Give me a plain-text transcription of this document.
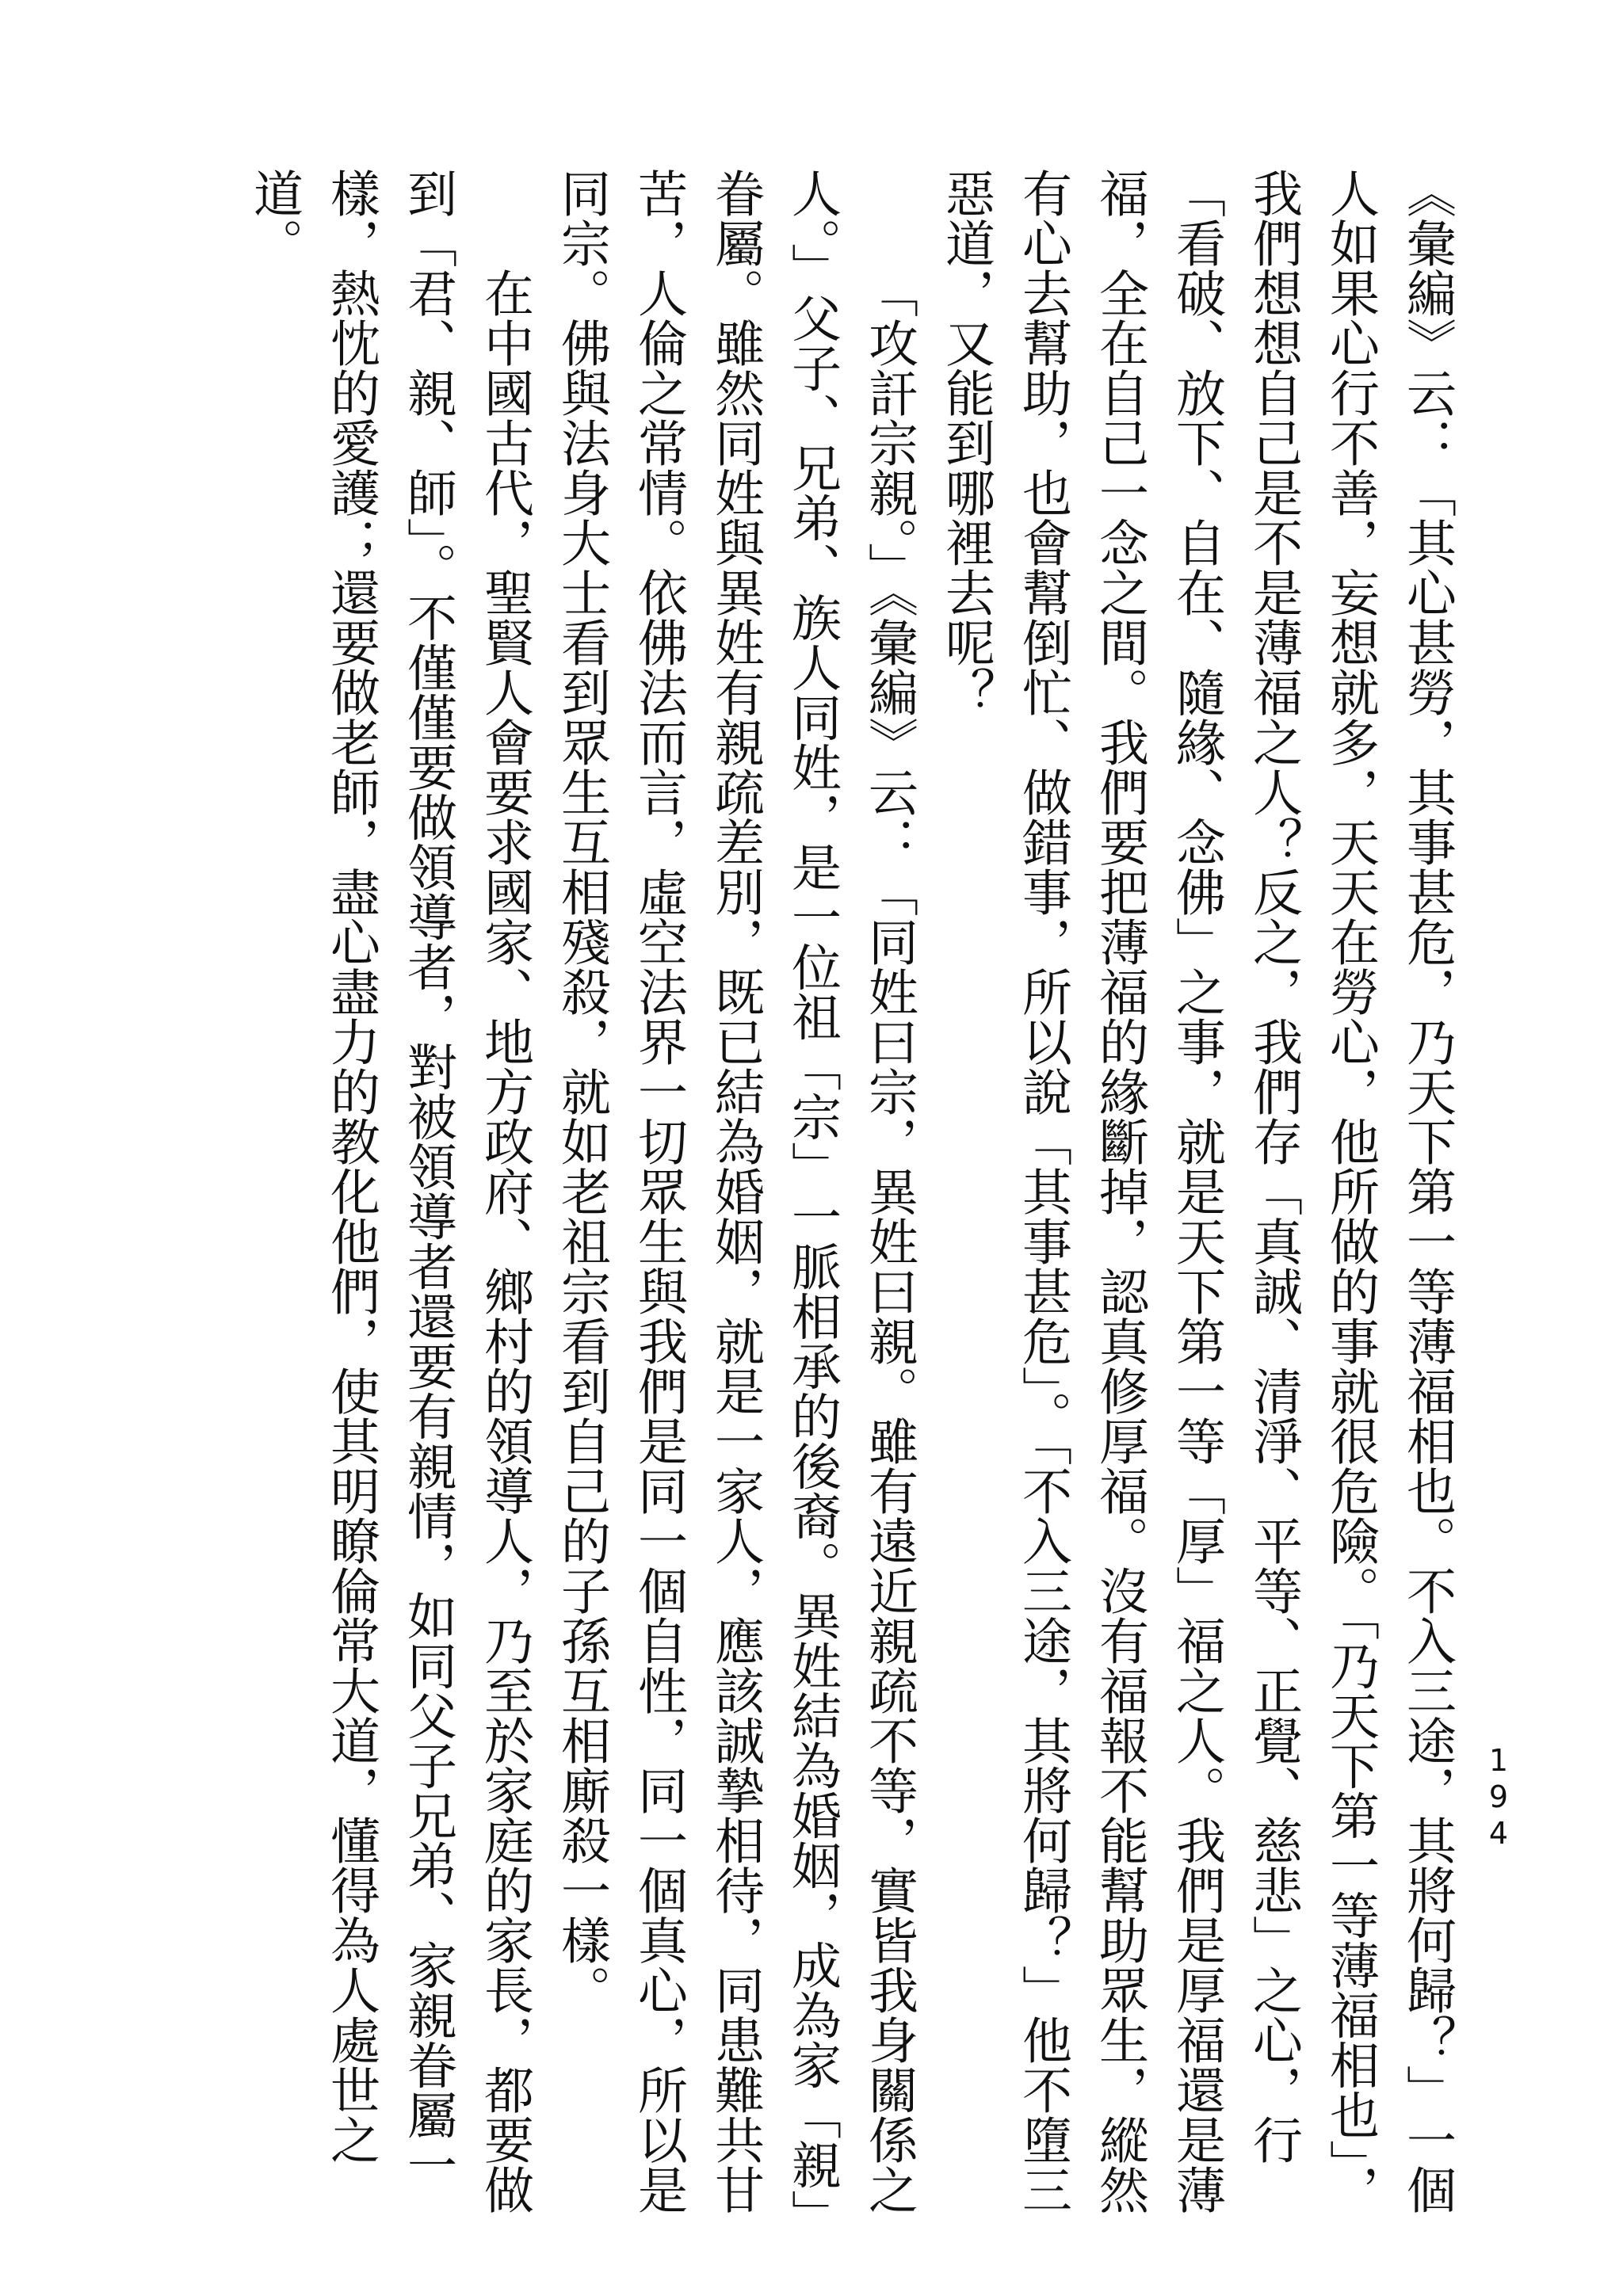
194

《彙編》云：「其心甚勞，其事甚危，乃天下第一等薄福相也。不入三途，其將何歸？」一個人如果心行不善，妄想就多，天天在勞心，他所做的事就很危險。「乃天下第一等薄福相也」，我們想想自己是不是薄福之人？反之，我們存「真誠、清淨、平等、正覺、慈悲」之心，行「看破、放下、自在、隨緣、念佛」之事，就是天下第一等「厚」福之人。我們是厚福還是薄福，全在自己一念之間。我們要把薄福的緣斷掉，認真修厚福。沒有福報不能幫助眾生，縱然有心去幫助，也會幫倒忙、做錯事，所以說「其事甚危」。「不入三途，其將何歸？」他不墮三惡道，又能到哪裡去呢？

「攻訐宗親。」《彙編》云：「同姓曰宗，異姓曰親。雖有遠近親疏不等，實皆我身關係之人。」父子、兄弟、族人同姓，是一位祖「宗」一脈相承的後裔。異姓結為婚姻，成為家「親」眷屬。雖然同姓與異姓有親疏差別，既已結為婚姻，就是一家人，應該誠摯相待，同患難共甘苦，人倫之常情。依佛法而言，虛空法界一切眾生與我們是同一個自性，同一個真心，所以是同宗。佛與法身大士看到眾生互相殘殺，就如老祖宗看到自己的子孫互相廝殺一樣。

在中國古代，聖賢人會要求國家、地方政府、鄉村的領導人，乃至於家庭的家長，都要做到「君、親、師」。不僅僅要做領導者，對被領導者還要有親情，如同父子兄弟、家親眷屬一樣，熱忱的愛護；還要做老師，盡心盡力的教化他們，使其明瞭倫常大道，懂得為人處世之道。
